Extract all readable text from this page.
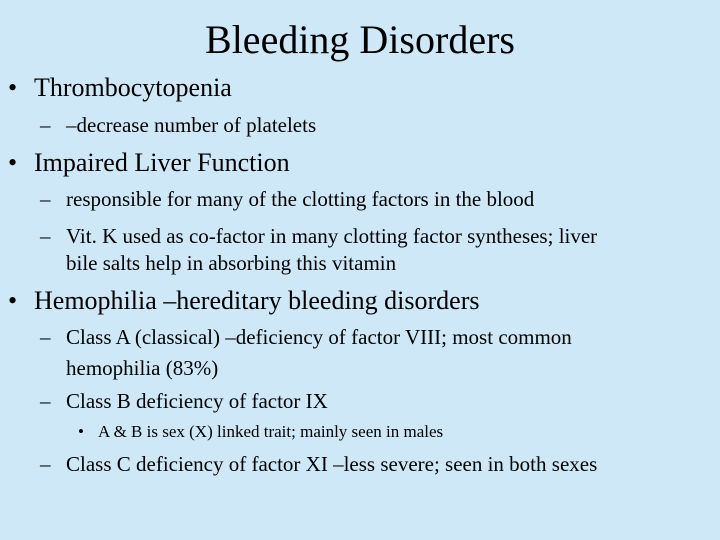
Bleeding Disorders
• Thrombocytopenia
– –decrease number of platelets
• Impaired Liver Function
– responsible for many of the clotting factors in the blood
– Vit. K used as co-factor in many clotting factor syntheses; liver
bile salts help in absorbing this vitamin
• Hemophilia –hereditary bleeding disorders
– Class A (classical) –deficiency of factor VIII; most common
hemophilia (83%)
– Class B deficiency of factor IX
• A & B is sex (X) linked trait; mainly seen in males
– Class C deficiency of factor XI –less severe; seen in both sexes
